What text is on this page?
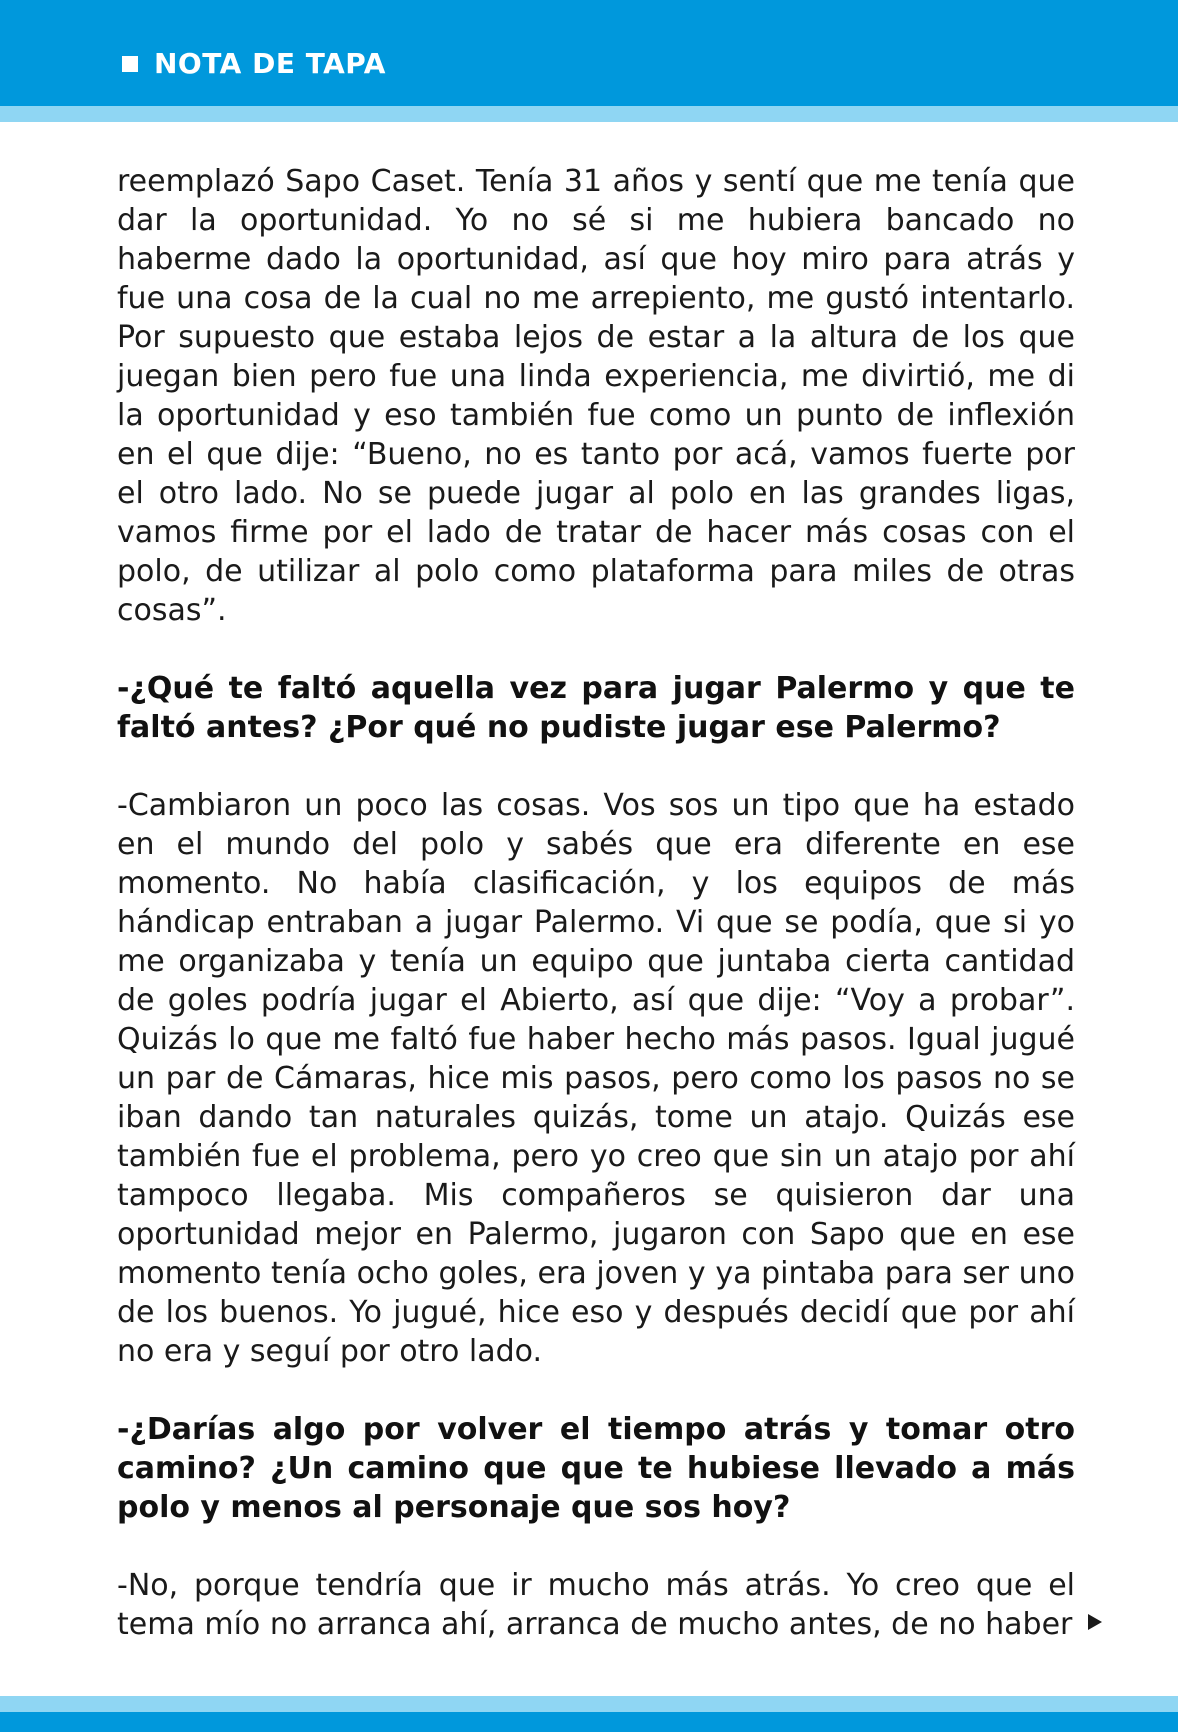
NOTA DE TAPA

reemplazó Sapo Caset. Tenía 31 años y sentí que me tenía que dar la oportunidad. Yo no sé si me hubiera bancado no haberme dado la oportunidad, así que hoy miro para atrás y fue una cosa de la cual no me arrepiento, me gustó intentarlo. Por supuesto que estaba lejos de estar a la altura de los que juegan bien pero fue una linda experiencia, me divirtió, me di la oportunidad y eso también fue como un punto de inflexión en el que dije: “Bueno, no es tanto por acá, vamos fuerte por el otro lado. No se puede jugar al polo en las grandes ligas, vamos firme por el lado de tratar de hacer más cosas con el polo, de utilizar al polo como plataforma para miles de otras cosas”.

-¿Qué te faltó aquella vez para jugar Palermo y que te faltó antes? ¿Por qué no pudiste jugar ese Palermo?

-Cambiaron un poco las cosas. Vos sos un tipo que ha estado en el mundo del polo y sabés que era diferente en ese momento. No había clasificación, y los equipos de más hándicap entraban a jugar Palermo. Vi que se podía, que si yo me organizaba y tenía un equipo que juntaba cierta cantidad de goles podría jugar el Abierto, así que dije: “Voy a probar”. Quizás lo que me faltó fue haber hecho más pasos. Igual jugué un par de Cámaras, hice mis pasos, pero como los pasos no se iban dando tan naturales quizás, tome un atajo. Quizás ese también fue el problema, pero yo creo que sin un atajo por ahí tampoco llegaba. Mis compañeros se quisieron dar una oportunidad mejor en Palermo, jugaron con Sapo que en ese momento tenía ocho goles, era joven y ya pintaba para ser uno de los buenos. Yo jugué, hice eso y después decidí que por ahí no era y seguí por otro lado.

-¿Darías algo por volver el tiempo atrás y tomar otro camino? ¿Un camino que que te hubiese llevado a más polo y menos al personaje que sos hoy?

-No, porque tendría que ir mucho más atrás. Yo creo que el tema mío no arranca ahí, arranca de mucho antes, de no haber
